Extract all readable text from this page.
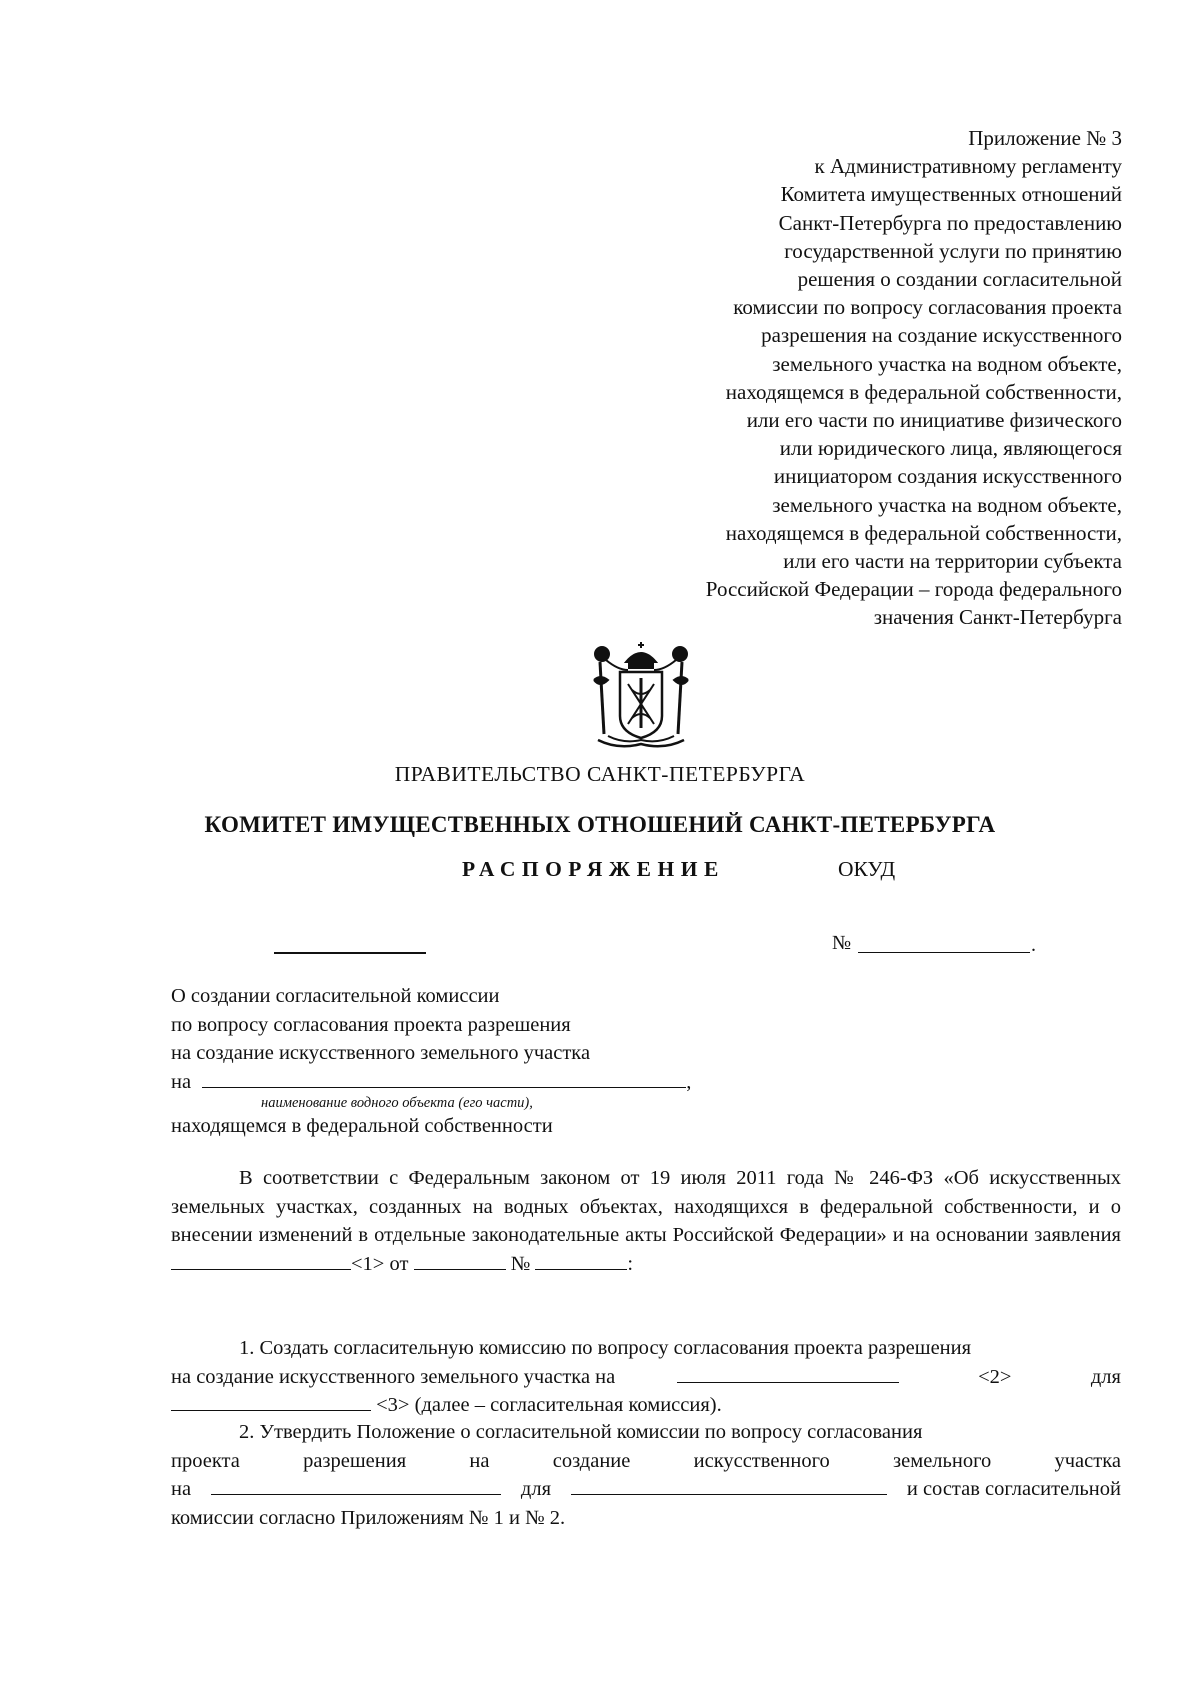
Приложение № 3
к Административному регламенту
Комитета имущественных отношений
Санкт-Петербурга по предоставлению
государственной услуги по принятию
решения о создании согласительной
комиссии по вопросу согласования проекта
разрешения на создание искусственного
земельного участка на водном объекте,
находящемся в федеральной собственности,
или его части по инициативе физического
или юридического лица, являющегося
инициатором создания искусственного
земельного участка на водном объекте,
находящемся в федеральной собственности,
или его части на территории субъекта
Российской Федерации – города федерального
значения Санкт-Петербурга
ПРАВИТЕЛЬСТВО САНКТ-ПЕТЕРБУРГА
КОМИТЕТ ИМУЩЕСТВЕННЫХ ОТНОШЕНИЙ САНКТ-ПЕТЕРБУРГА
РАСПОРЯЖЕНИЕ	ОКУД
№	.
О создании согласительной комиссии
по вопросу согласования проекта разрешения
на создание искусственного земельного участка
на	,
наименование водного объекта (его части),
находящемся в федеральной собственности

В соответствии с Федеральным законом от 19 июля 2011 года № 246-ФЗ «Об искусственных земельных участках, созданных на водных объектах, находящихся в федеральной собственности, и о внесении изменений в отдельные законодательные акты Российской Федерации» и на основании заявления<1> от	№	:

1. Создать согласительную комиссию по вопросу согласования проекта разрешения
на создание искусственного земельного участка на	<2>	для
<3> (далее – согласительная комиссия).
2. Утвердить Положение о согласительной комиссии по вопросу согласования
проекта	разрешения	на	создание	искусственного	земельного	участка
на	для	и состав согласительной
комиссии согласно Приложениям № 1 и № 2.
